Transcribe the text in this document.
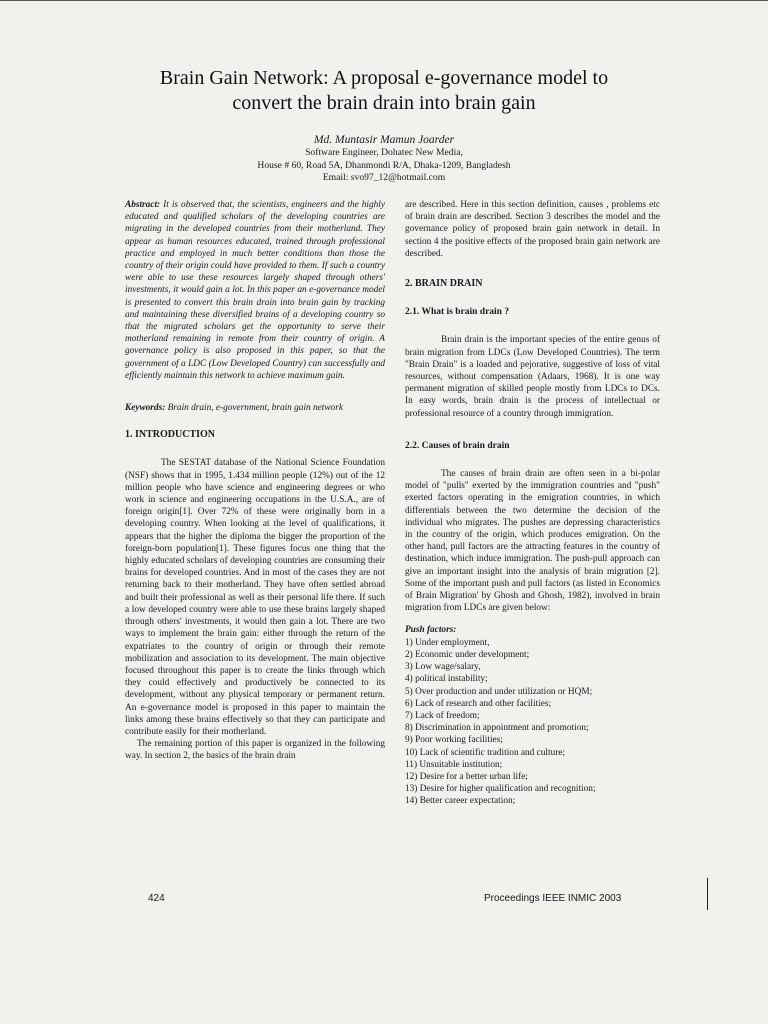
Brain Gain Network: A proposal e-governance model to
convert the brain drain into brain gain
Md. Muntasir Mamun Joarder
Software Engineer, Dohatec New Media,
House # 60, Road 5A, Dhanmondi R/A, Dhaka-1209, Bangladesh
Email: svo97_12@hotmail.com

Abstract: It is observed that, the scientists, engineers and the highly educated and qualified scholars of the developing countries are migrating in the developed countries from their motherland. They appear as human resources educated, trained through professional practice and employed in much better conditions than those the country of their origin could have provided to them. If such a country were able to use these resources largely shaped through others' investments, it would gain a lot. In this paper an e-governance model is presented to convert this brain drain into brain gain by tracking and maintaining these diversified brains of a developing country so that the migrated scholars get the opportunity to serve their motherland remaining in remote from their country of origin. A governance policy is also proposed in this paper, so that the government of a LDC (Low Developed Country) can successfully and efficiently maintain this network to achieve maximum gain.

Keywords: Brain drain, e-government, brain gain network

1. INTRODUCTION

The SESTAT database of the National Science Foundation (NSF) shows that in 1995, 1.434 million people (12%) out of the 12 million people who have science and engineering degrees or who work in science and engineering occupations in the U.S.A., are of foreign origin[1]. Over 72% of these were originally born in a developing country. When looking at the level of qualifications, it appears that the higher the diploma the bigger the proportion of the foreign-born population[1]. These figures focus one thing that the highly educated scholars of developing countries are consuming their brains for developed countries. And in most of the cases they are not returning back to their motherland. They have often settled abroad and built their professional as well as their personal life there. If such a low developed country were able to use these brains largely shaped through others' investments, it would then gain a lot. There are two ways to implement the brain gain: either through the return of the expatriates to the country of origin or through their remote mobilization and association to its development. The main objective focused throughout this paper is to create the links through which they could effectively and productively be connected to its development, without any physical temporary or permanent return. An e-governance model is proposed in this paper to maintain the links among these brains effectively so that they can participate and contribute easily for their motherland.

The remaining portion of this paper is organized in the following way. In section 2, the basics of the brain drain

are described. Here in this section definition, causes , problems etc of brain drain are described. Section 3 describes the model and the governance policy of proposed brain gain network in detail. In section 4 the positive effects of the proposed brain gain network are described.

2. BRAIN DRAIN
2.1. What is brain drain ?

Brain drain is the important species of the entire genus of brain migration from LDCs (Low Developed Countries). The term "Brain Drain" is a loaded and pejorative, suggestive of loss of vital resources, without compensation (Adaars, 1968). It is one way permanent migration of skilled people mostly from LDCs to DCs. In easy words, brain drain is the process of intellectual or professional resource of a country through immigration.

2.2. Causes of brain drain

The causes of brain drain are often seen in a bi-polar model of "pulls" exerted by the immigration countries and "push" exerted factors operating in the emigration countries, in which differentials between the two determine the decision of the individual who migrates. The pushes are depressing characteristics in the country of the origin, which produces emigration. On the other hand, pull factors are the attracting features in the country of destination, which induce immigration. The push-pull approach can give an important insight into the analysis of brain migration [2]. Some of the important push and pull factors (as listed in Economics of Brain Migration' by Ghosh and Ghosh, 1982), involved in brain migration from LDCs are given below:

Push factors:
1) Under employment,
2) Economic under development;
3) Low wage/salary,
4) political instability;
5) Over production and under utilization or HQM;
6) Lack of research and other facilities;
7) Lack of freedom;
8) Discrimination in appointment and promotion;
9) Poor working facilities;
10) Lack of scientific tradition and culture;
11) Unsuitable institution;
12) Desire for a better urban life;
13) Desire for higher qualification and recognition;
14) Better career expectation;
424	Proceedings IEEE INMIC 2003
